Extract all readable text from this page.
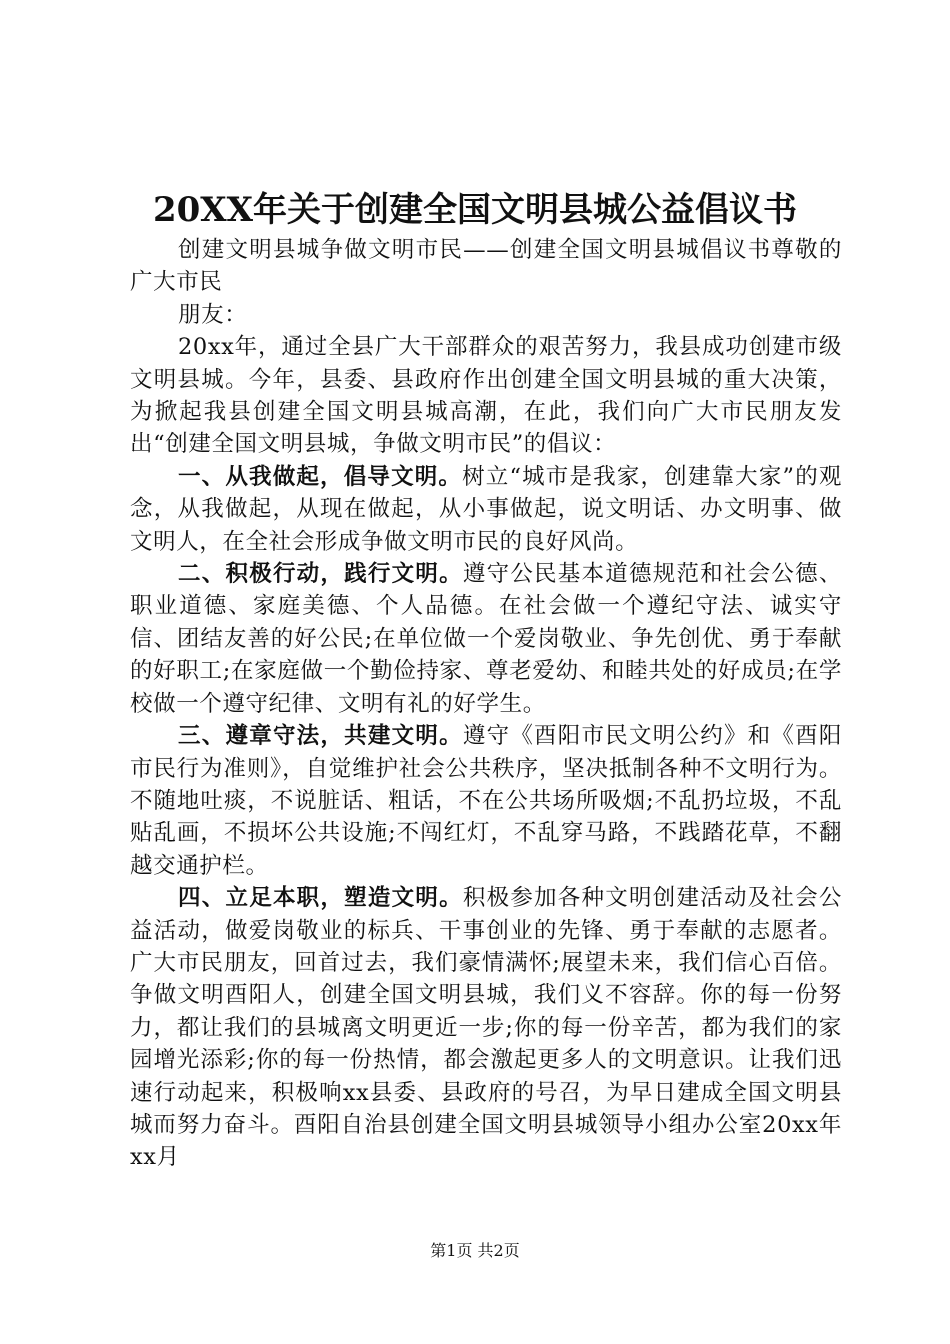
20XX年关于创建全国文明县城公益倡议书

创建文明县城争做文明市民——创建全国文明县城倡议书尊敬的广大市民

朋友：

20xx年，通过全县广大干部群众的艰苦努力，我县成功创建市级文明县城。今年，县委、县政府作出创建全国文明县城的重大决策，为掀起我县创建全国文明县城高潮，在此，我们向广大市民朋友发出“创建全国文明县城，争做文明市民”的倡议：

一、从我做起，倡导文明。树立“城市是我家，创建靠大家”的观念，从我做起，从现在做起，从小事做起，说文明话、办文明事、做文明人，在全社会形成争做文明市民的良好风尚。

二、积极行动，践行文明。遵守公民基本道德规范和社会公德、职业道德、家庭美德、个人品德。在社会做一个遵纪守法、诚实守信、团结友善的好公民;在单位做一个爱岗敬业、争先创优、勇于奉献的好职工;在家庭做一个勤俭持家、尊老爱幼、和睦共处的好成员;在学校做一个遵守纪律、文明有礼的好学生。

三、遵章守法，共建文明。遵守《酉阳市民文明公约》和《酉阳市民行为准则》，自觉维护社会公共秩序，坚决抵制各种不文明行为。不随地吐痰，不说脏话、粗话，不在公共场所吸烟;不乱扔垃圾，不乱贴乱画，不损坏公共设施;不闯红灯，不乱穿马路，不践踏花草，不翻越交通护栏。

四、立足本职，塑造文明。积极参加各种文明创建活动及社会公益活动，做爱岗敬业的标兵、干事创业的先锋、勇于奉献的志愿者。广大市民朋友，回首过去，我们豪情满怀;展望未来，我们信心百倍。争做文明酉阳人，创建全国文明县城，我们义不容辞。你的每一份努力，都让我们的县城离文明更近一步;你的每一份辛苦，都为我们的家园增光添彩;你的每一份热情，都会激起更多人的文明意识。让我们迅速行动起来，积极响xx县委、县政府的号召，为早日建成全国文明县城而努力奋斗。酉阳自治县创建全国文明县城领导小组办公室20xx年xx月

第1页 共2页
